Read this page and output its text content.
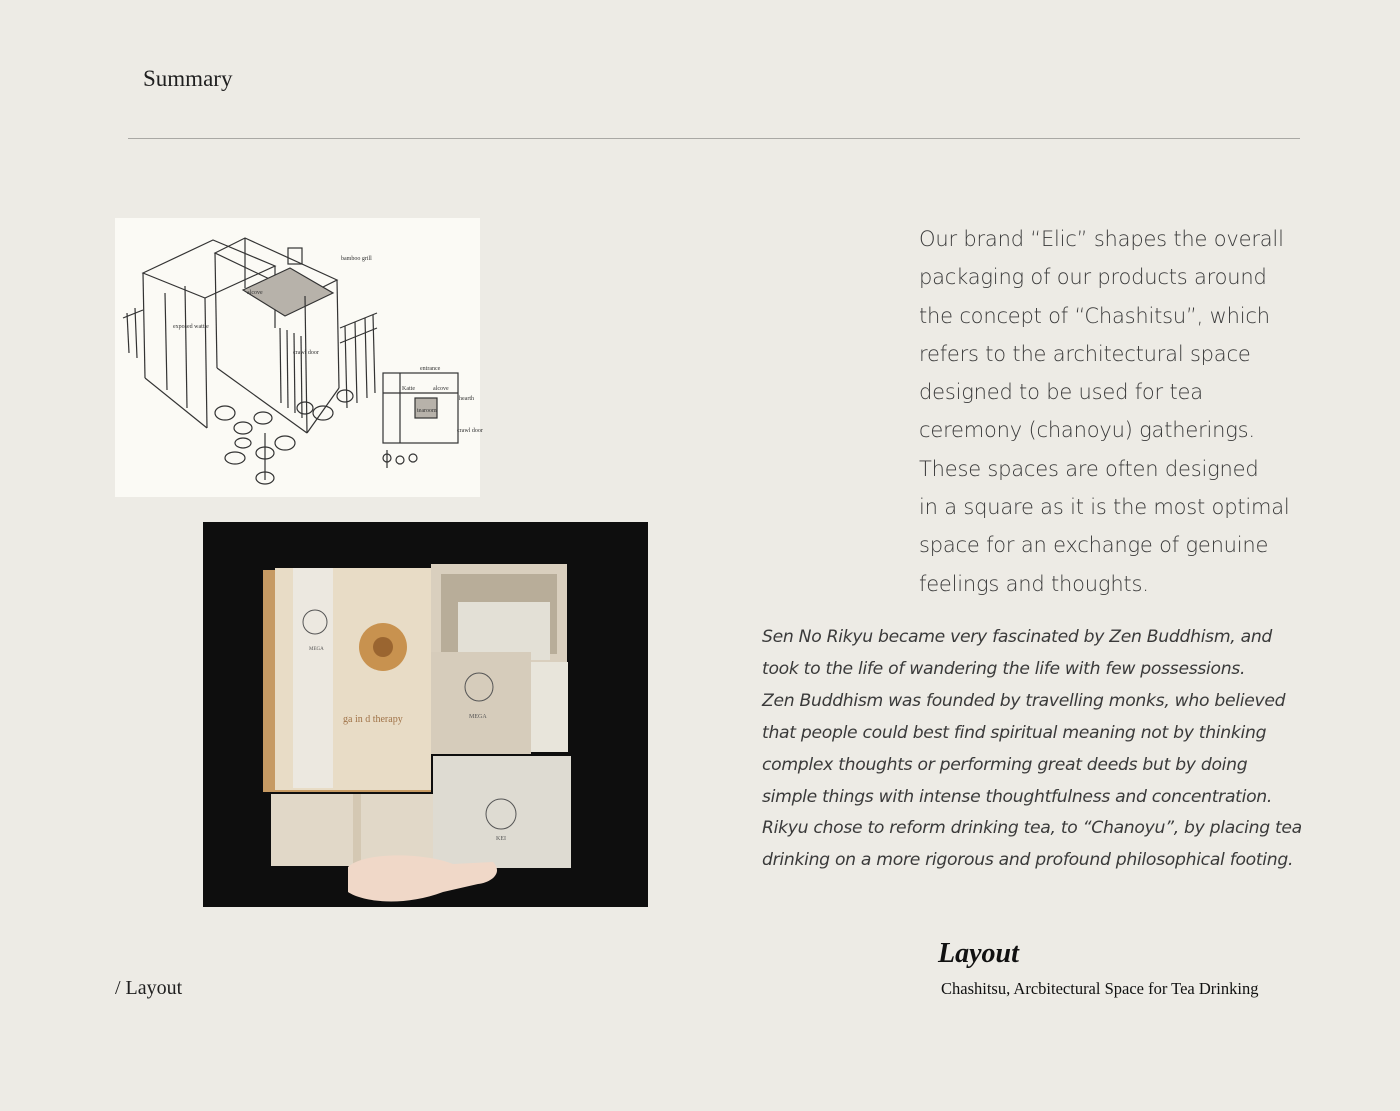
Summary
bamboo grill
alcove
exposed wattle
crawl door
entrance
Katte	alcove
hearth
tearoom
crawl door
ga in d therapy	MEGA
KEI
MEGA
Our brand “Elic” shapes the overall
packaging of our products around
the concept of “Chashitsu”, which
refers to the architectural space
designed to be used for tea
ceremony (chanoyu) gatherings.
These spaces are often designed
in a square as it is the most optimal
space for an exchange of genuine
feelings and thoughts.
Sen No Rikyu became very fascinated by Zen Buddhism, and
took to the life of wandering the life with few possessions.
Zen Buddhism was founded by travelling monks, who believed
that people could best find spiritual meaning not by thinking
complex thoughts or performing great deeds but by doing
simple things with intense thoughtfulness and concentration.
Rikyu chose to reform drinking tea, to “Chanoyu”, by placing tea
drinking on a more rigorous and profound philosophical footing.
/ Layout
Layout
Chashitsu, Arcbitectural Space for Tea Drinking
